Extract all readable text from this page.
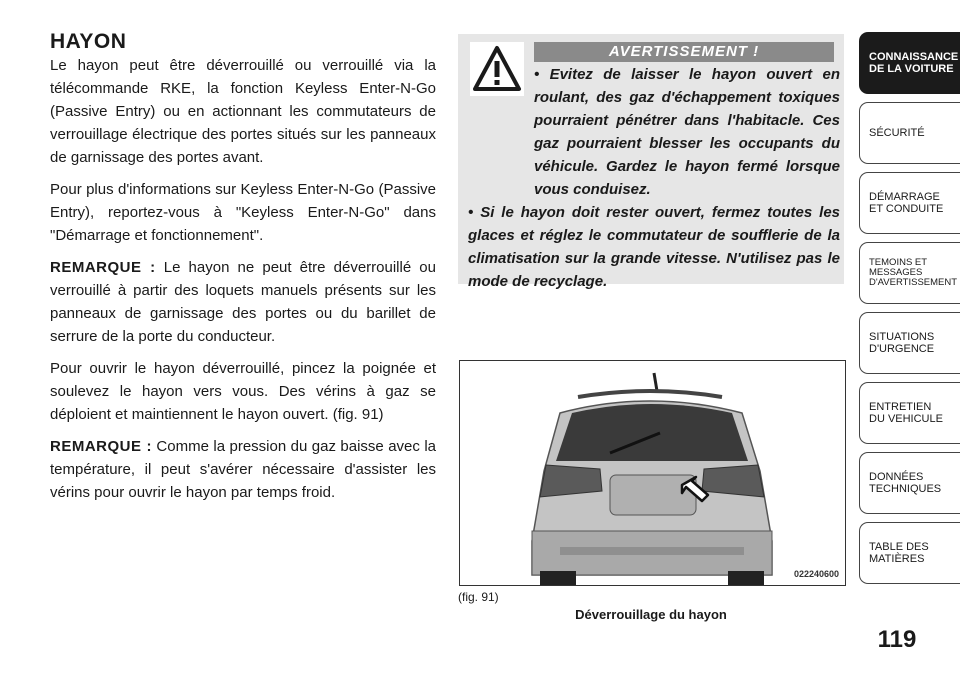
HAYON

Le hayon peut être déverrouillé ou verrouillé via la télécommande RKE, la fonction Keyless Enter-N-Go (Passive Entry) ou en actionnant les commutateurs de verrouillage électrique des portes situés sur les panneaux de garnissage des portes avant.

Pour plus d'informations sur Keyless Enter-N-Go (Passive Entry), reportez-vous à "Keyless Enter-N-Go" dans "Démarrage et fonctionnement".

REMARQUE : Le hayon ne peut être déverrouillé ou verrouillé à partir des loquets manuels présents sur les panneaux de garnissage des portes ou du barillet de serrure de la porte du conducteur.

Pour ouvrir le hayon déverrouillé, pincez la poignée et soulevez le hayon vers vous. Des vérins à gaz se déploient et maintiennent le hayon ouvert. (fig. 91)

REMARQUE : Comme la pression du gaz baisse avec la température, il peut s'avérer nécessaire d'assister les vérins pour ouvrir le hayon par temps froid.

AVERTISSEMENT !

• Evitez de laisser le hayon ouvert en roulant, des gaz d'échappement toxiques pourraient pénétrer dans l'habitacle. Ces gaz pourraient blesser les occupants du véhicule. Gardez le hayon fermé lorsque vous conduisez.

• Si le hayon doit rester ouvert, fermez toutes les glaces et réglez le commutateur de soufflerie de la climatisation sur la grande vitesse. N'utilisez pas le mode de recyclage.

022240600
(fig. 91)
Déverrouillage du hayon
CONNAISSANCE
DE LA VOITURE
SÉCURITÉ
DÉMARRAGE
ET CONDUITE
TEMOINS ET
MESSAGES
D'AVERTISSEMENT
SITUATIONS
D'URGENCE
ENTRETIEN
DU VEHICULE
DONNÉES
TECHNIQUES
TABLE DES
MATIÈRES
119
